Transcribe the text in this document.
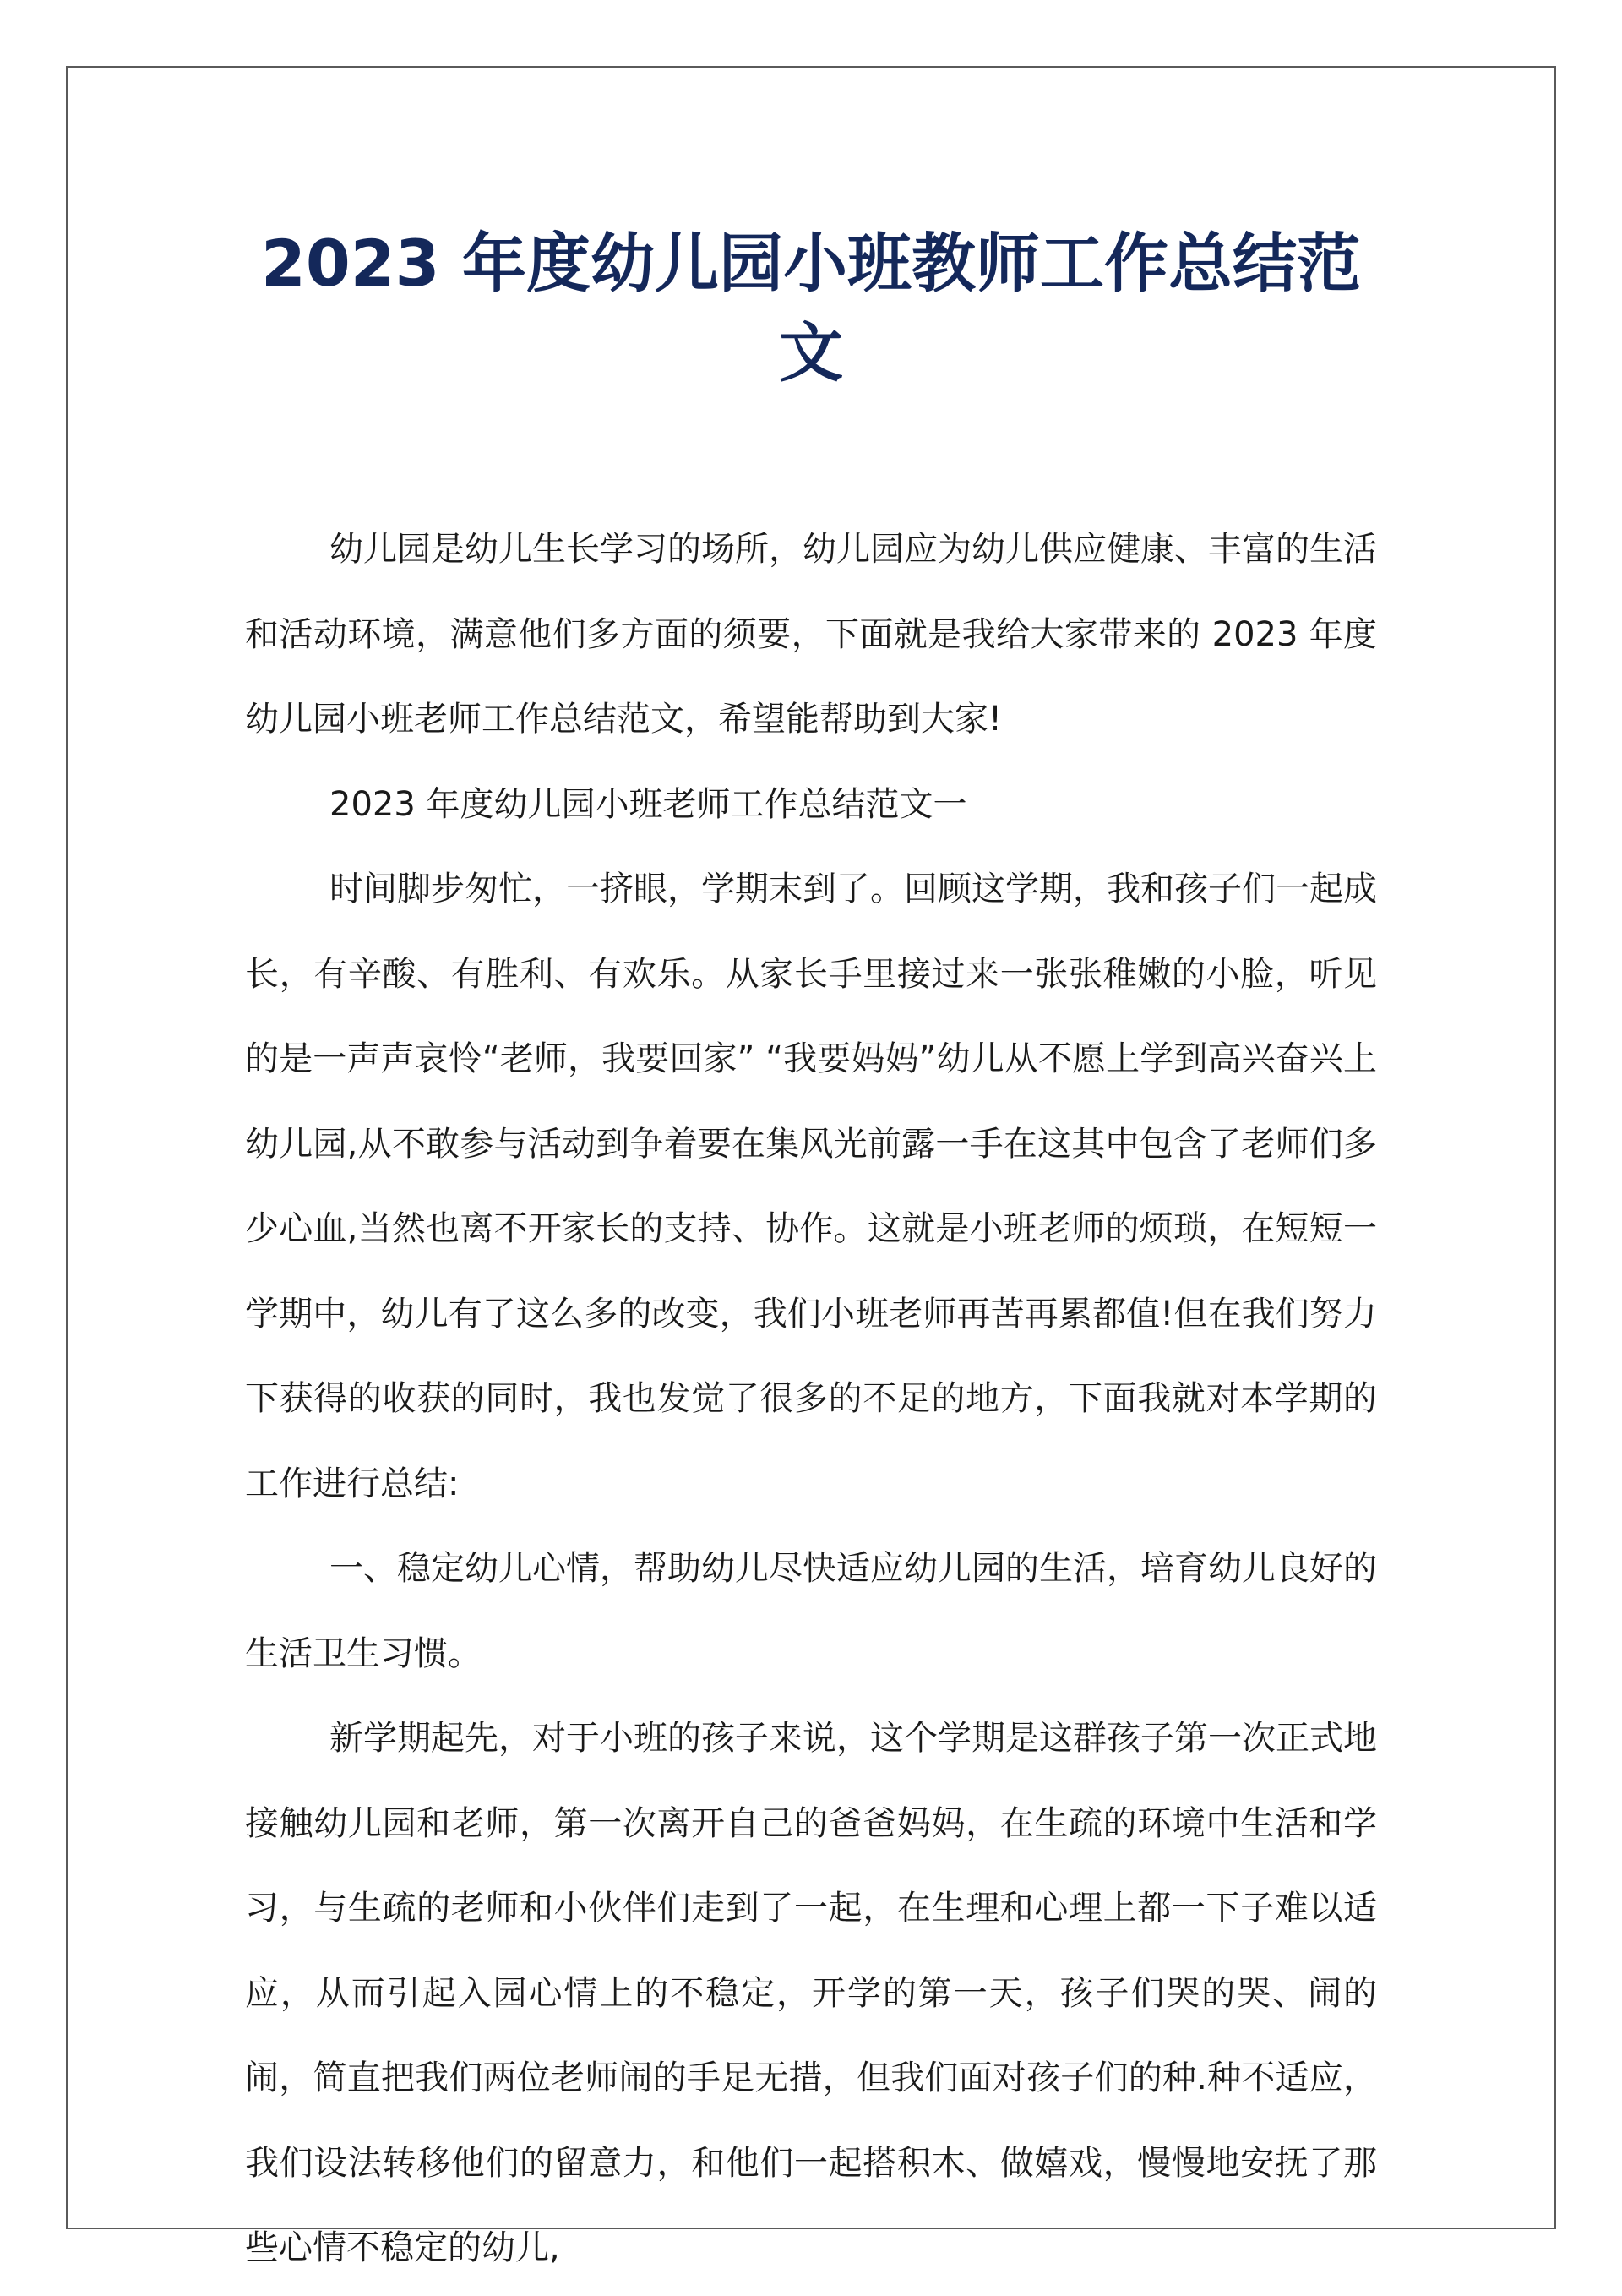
2023 年度幼儿园小班教师工作总结范
文

幼儿园是幼儿生长学习的场所，幼儿园应为幼儿供应健康、丰富的生活和活动环境，满意他们多方面的须要，下面就是我给大家带来的 2023 年度幼儿园小班老师工作总结范文，希望能帮助到大家!

2023 年度幼儿园小班老师工作总结范文一

时间脚步匆忙，一挤眼，学期末到了。回顾这学期，我和孩子们一起成长，有辛酸、有胜利、有欢乐。从家长手里接过来一张张稚嫩的小脸，听见的是一声声哀怜“老师，我要回家” “我要妈妈”幼儿从不愿上学到高兴奋兴上幼儿园,从不敢参与活动到争着要在集风光前露一手在这其中包含了老师们多少心血,当然也离不开家长的支持、协作。这就是小班老师的烦琐，在短短一学期中，幼儿有了这么多的改变，我们小班老师再苦再累都值!但在我们努力下获得的收获的同时，我也发觉了很多的不足的地方，下面我就对本学期的工作进行总结:

一、稳定幼儿心情，帮助幼儿尽快适应幼儿园的生活，培育幼儿良好的生活卫生习惯。

新学期起先，对于小班的孩子来说，这个学期是这群孩子第一次正式地接触幼儿园和老师，第一次离开自己的爸爸妈妈，在生疏的环境中生活和学习，与生疏的老师和小伙伴们走到了一起，在生理和心理上都一下子难以适应，从而引起入园心情上的不稳定，开学的第一天，孩子们哭的哭、闹的闹，简直把我们两位老师闹的手足无措，但我们面对孩子们的种.种不适应，我们设法转移他们的留意力，和他们一起搭积木、做嬉戏，慢慢地安抚了那些心情不稳定的幼儿,
